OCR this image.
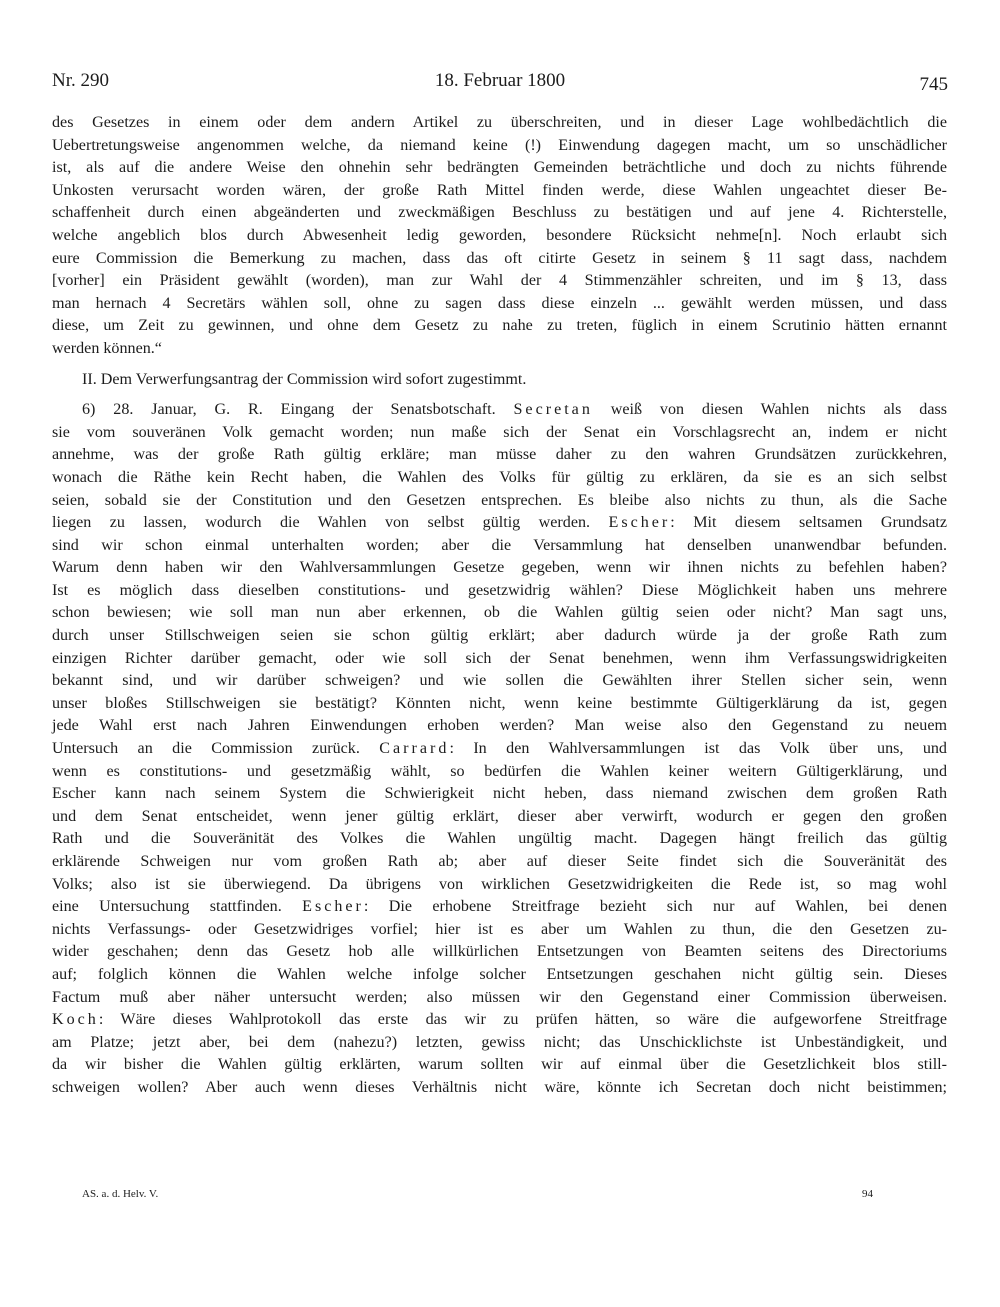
Nr. 290	18. Februar 1800	745
des Gesetzes in einem oder dem andern Artikel zu überschreiten, und in dieser Lage wohlbedächtlich die
Uebertretungsweise angenommen welche, da niemand keine (!) Einwendung dagegen macht, um so unschädlicher
ist, als auf die andere Weise den ohnehin sehr bedrängten Gemeinden beträchtliche und doch zu nichts führende
Unkosten verursacht worden wären, der große Rath Mittel finden werde, diese Wahlen ungeachtet dieser Be-
schaffenheit durch einen abgeänderten und zweckmäßigen Beschluss zu bestätigen und auf jene 4. Richterstelle,
welche angeblich blos durch Abwesenheit ledig geworden, besondere Rücksicht nehme[n]. Noch erlaubt sich
eure Commission die Bemerkung zu machen, dass das oft citirte Gesetz in seinem § 11 sagt dass, nachdem
[vorher] ein Präsident gewählt (worden), man zur Wahl der 4 Stimmenzähler schreiten, und im § 13, dass
man hernach 4 Secretärs wählen soll, ohne zu sagen dass diese einzeln ... gewählt werden müssen, und dass
diese, um Zeit zu gewinnen, und ohne dem Gesetz zu nahe zu treten, füglich in einem Scrutinio hätten ernannt
werden können.“
II. Dem Verwerfungsantrag der Commission wird sofort zugestimmt.
6) 28. Januar, G. R. Eingang der Senatsbotschaft. Secretan weiß von diesen Wahlen nichts als dass
sie vom souveränen Volk gemacht worden; nun maße sich der Senat ein Vorschlagsrecht an, indem er nicht
annehme, was der große Rath gültig erkläre; man müsse daher zu den wahren Grundsätzen zurückkehren,
wonach die Räthe kein Recht haben, die Wahlen des Volks für gültig zu erklären, da sie es an sich selbst
seien, sobald sie der Constitution und den Gesetzen entsprechen. Es bleibe also nichts zu thun, als die Sache
liegen zu lassen, wodurch die Wahlen von selbst gültig werden. Escher: Mit diesem seltsamen Grundsatz
sind wir schon einmal unterhalten worden; aber die Versammlung hat denselben unanwendbar befunden.
Warum denn haben wir den Wahlversammlungen Gesetze gegeben, wenn wir ihnen nichts zu befehlen haben?
Ist es möglich dass dieselben constitutions- und gesetzwidrig wählen? Diese Möglichkeit haben uns mehrere
schon bewiesen; wie soll man nun aber erkennen, ob die Wahlen gültig seien oder nicht? Man sagt uns,
durch unser Stillschweigen seien sie schon gültig erklärt; aber dadurch würde ja der große Rath zum
einzigen Richter darüber gemacht, oder wie soll sich der Senat benehmen, wenn ihm Verfassungswidrigkeiten
bekannt sind, und wir darüber schweigen? und wie sollen die Gewählten ihrer Stellen sicher sein, wenn
unser bloßes Stillschweigen sie bestätigt? Könnten nicht, wenn keine bestimmte Gültigerklärung da ist, gegen
jede Wahl erst nach Jahren Einwendungen erhoben werden? Man weise also den Gegenstand zu neuem
Untersuch an die Commission zurück. Carrard: In den Wahlversammlungen ist das Volk über uns, und
wenn es constitutions- und gesetzmäßig wählt, so bedürfen die Wahlen keiner weitern Gültigerklärung, und
Escher kann nach seinem System die Schwierigkeit nicht heben, dass niemand zwischen dem großen Rath
und dem Senat entscheidet, wenn jener gültig erklärt, dieser aber verwirft, wodurch er gegen den großen
Rath und die Souveränität des Volkes die Wahlen ungültig macht. Dagegen hängt freilich das gültig
erklärende Schweigen nur vom großen Rath ab; aber auf dieser Seite findet sich die Souveränität des
Volks; also ist sie überwiegend. Da übrigens von wirklichen Gesetzwidrigkeiten die Rede ist, so mag wohl
eine Untersuchung stattfinden. Escher: Die erhobene Streitfrage bezieht sich nur auf Wahlen, bei denen
nichts Verfassungs- oder Gesetzwidriges vorfiel; hier ist es aber um Wahlen zu thun, die den Gesetzen zu-
wider geschahen; denn das Gesetz hob alle willkürlichen Entsetzungen von Beamten seitens des Directoriums
auf; folglich können die Wahlen welche infolge solcher Entsetzungen geschahen nicht gültig sein. Dieses
Factum muß aber näher untersucht werden; also müssen wir den Gegenstand einer Commission überweisen.
Koch: Wäre dieses Wahlprotokoll das erste das wir zu prüfen hätten, so wäre die aufgeworfene Streitfrage
am Platze; jetzt aber, bei dem (nahezu?) letzten, gewiss nicht; das Unschicklichste ist Unbeständigkeit, und
da wir bisher die Wahlen gültig erklärten, warum sollten wir auf einmal über die Gesetzlichkeit blos still-
schweigen wollen? Aber auch wenn dieses Verhältnis nicht wäre, könnte ich Secretan doch nicht beistimmen;
AS. a. d. Helv. V.	94
